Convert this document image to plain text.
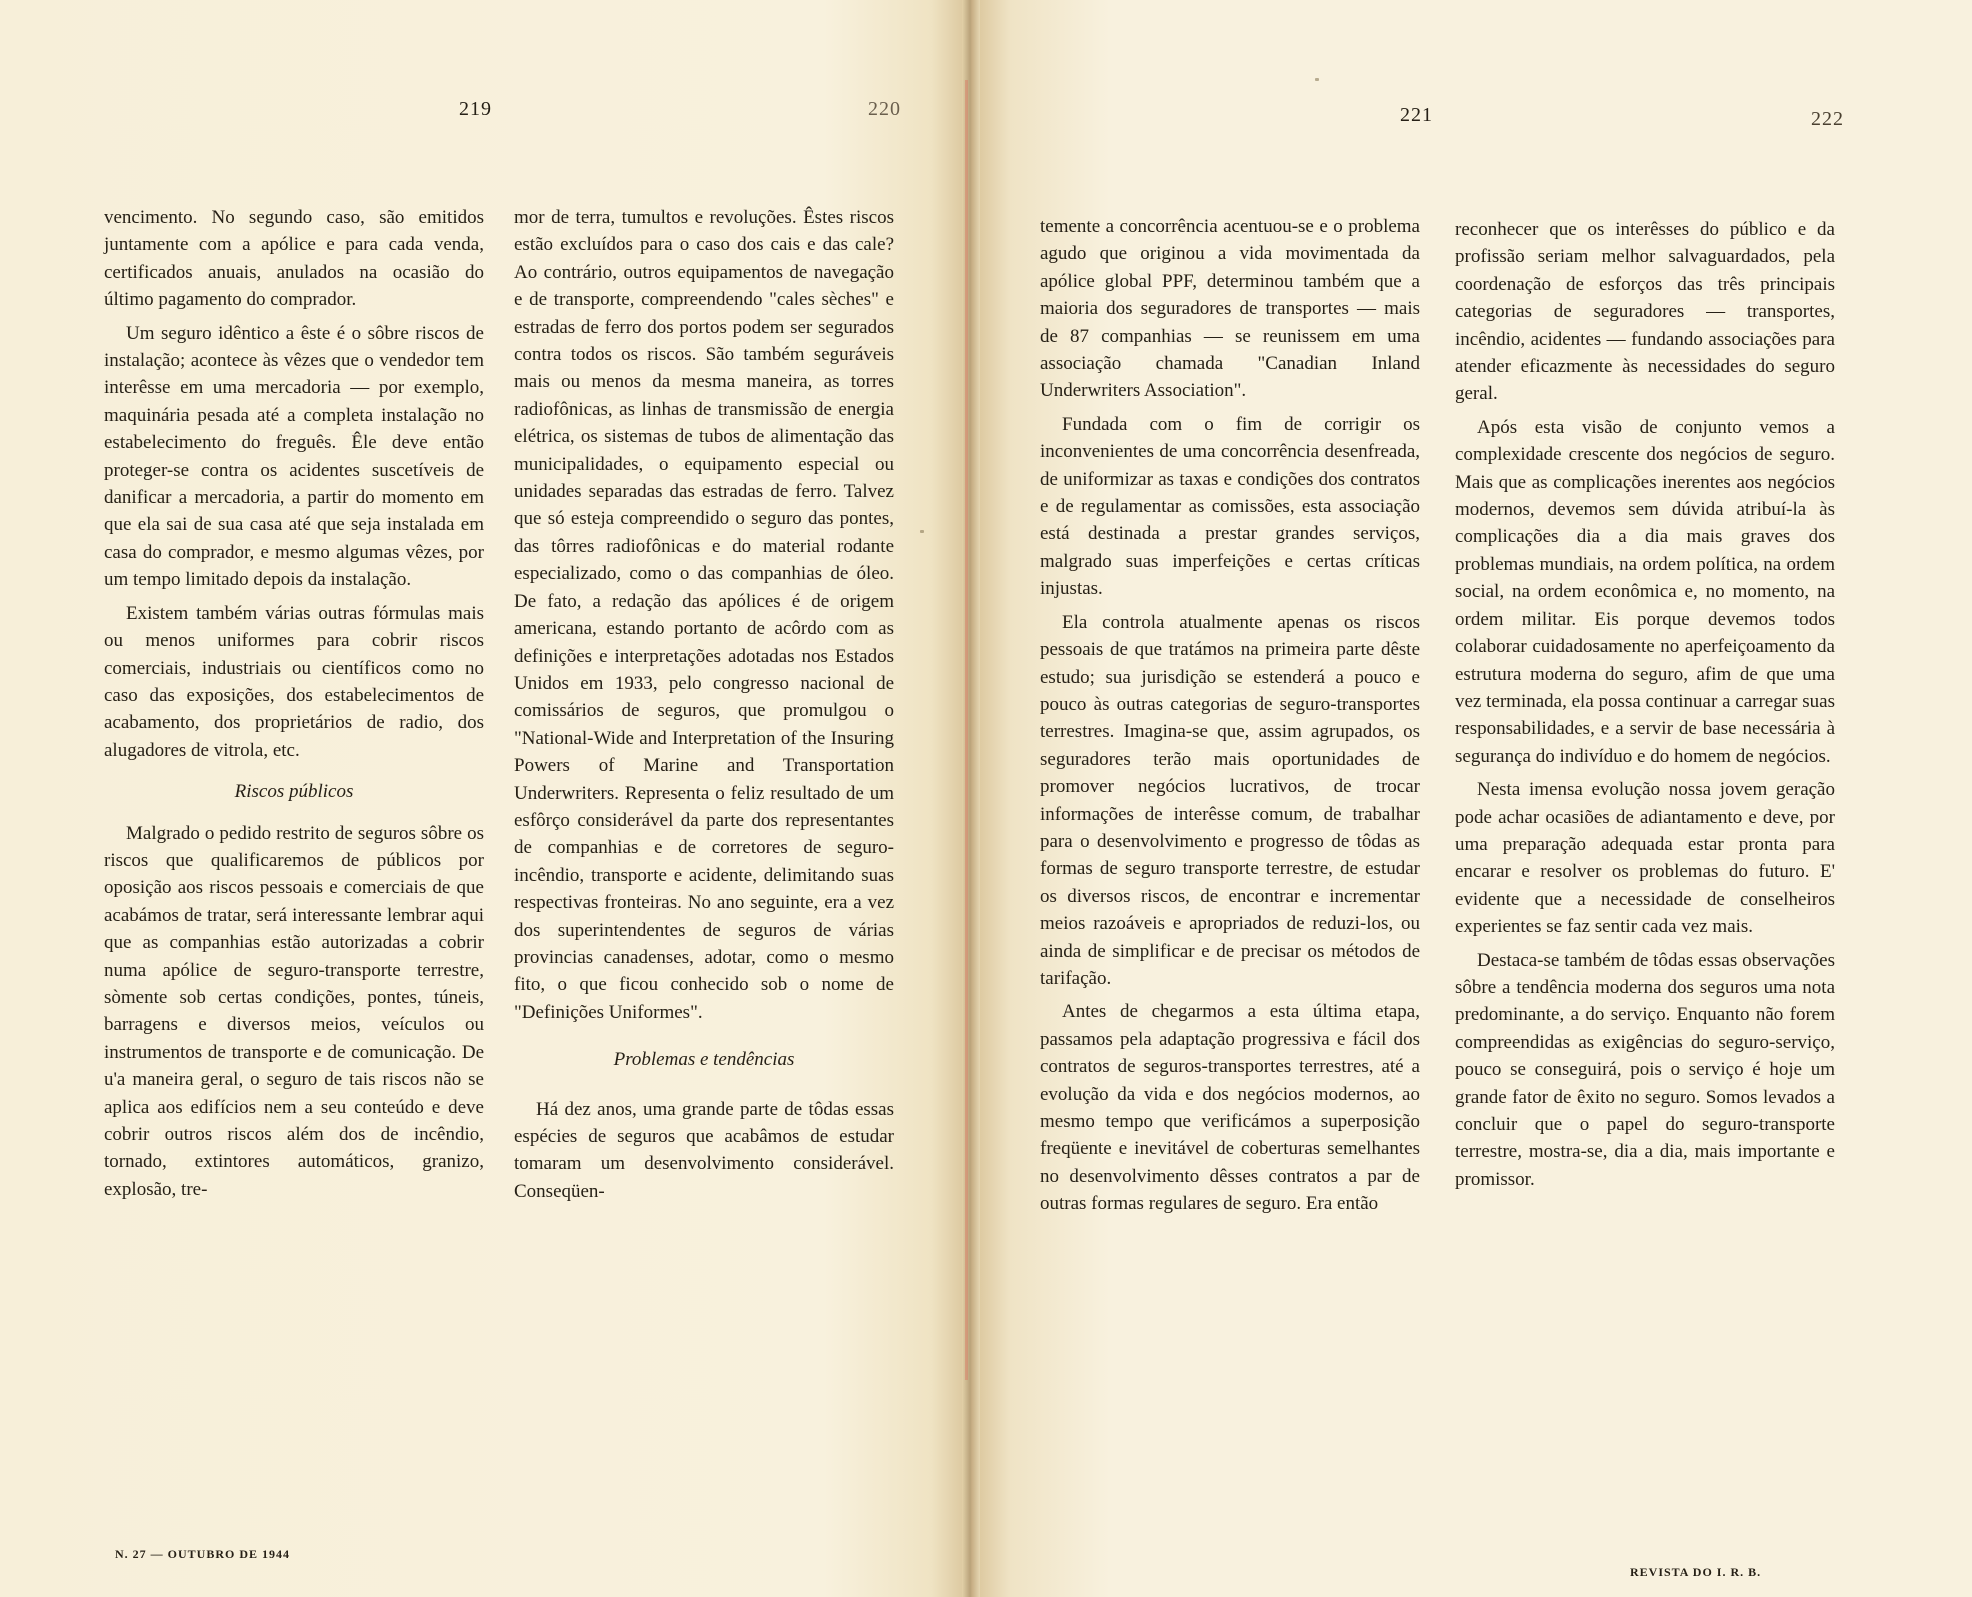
219	220	221	222

vencimento. No segundo caso, são emitidos juntamente com a apólice e para cada venda, certificados anuais, anulados na ocasião do último pagamento do comprador.

Um seguro idêntico a êste é o sôbre riscos de instalação; acontece às vêzes que o vendedor tem interêsse em uma mercadoria — por exemplo, maquinária pesada até a completa instalação no estabelecimento do freguês. Êle deve então proteger-se contra os acidentes suscetíveis de danificar a mercadoria, a partir do momento em que ela sai de sua casa até que seja instalada em casa do comprador, e mesmo algumas vêzes, por um tempo limitado depois da instalação.

Existem também várias outras fórmulas mais ou menos uniformes para cobrir riscos comerciais, industriais ou científicos como no caso das exposições, dos estabelecimentos de acabamento, dos proprietários de radio, dos alugadores de vitrola, etc.

Riscos públicos

Malgrado o pedido restrito de seguros sôbre os riscos que qualificaremos de públicos por oposição aos riscos pessoais e comerciais de que acabámos de tratar, será interessante lembrar aqui que as companhias estão autorizadas a cobrir numa apólice de seguro-transporte terrestre, sòmente sob certas condições, pontes, túneis, barragens e diversos meios, veículos ou instrumentos de transporte e de comunicação. De u'a maneira geral, o seguro de tais riscos não se aplica aos edifícios nem a seu conteúdo e deve cobrir outros riscos além dos de incêndio, tornado, extintores automáticos, granizo, explosão, tre-

mor de terra, tumultos e revoluções. Êstes riscos estão excluídos para o caso dos cais e das cale? Ao contrário, outros equipamentos de navegação e de transporte, compreendendo "cales sèches" e estradas de ferro dos portos podem ser segurados contra todos os riscos. São também seguráveis mais ou menos da mesma maneira, as torres radiofônicas, as linhas de transmissão de energia elétrica, os sistemas de tubos de alimentação das municipalidades, o equipamento especial ou unidades separadas das estradas de ferro. Talvez que só esteja compreendido o seguro das pontes, das tôrres radiofônicas e do material rodante especializado, como o das companhias de óleo. De fato, a redação das apólices é de origem americana, estando portanto de acôrdo com as definições e interpretações adotadas nos Estados Unidos em 1933, pelo congresso nacional de comissários de seguros, que promulgou o "National-Wide and Interpretation of the Insuring Powers of Marine and Transportation Underwriters. Representa o feliz resultado de um esfôrço considerável da parte dos representantes de companhias e de corretores de seguro-incêndio, transporte e acidente, delimitando suas respectivas fronteiras. No ano seguinte, era a vez dos superintendentes de seguros de várias provincias canadenses, adotar, como o mesmo fito, o que ficou conhecido sob o nome de "Definições Uniformes".

Problemas e tendências

Há dez anos, uma grande parte de tôdas essas espécies de seguros que acabâmos de estudar tomaram um desenvolvimento considerável. Conseqüen-

temente a concorrência acentuou-se e o problema agudo que originou a vida movimentada da apólice global PPF, determinou também que a maioria dos seguradores de transportes — mais de 87 companhias — se reunissem em uma associação chamada "Canadian Inland Underwriters Association".

Fundada com o fim de corrigir os inconvenientes de uma concorrência desenfreada, de uniformizar as taxas e condições dos contratos e de regulamentar as comissões, esta associação está destinada a prestar grandes serviços, malgrado suas imperfeições e certas críticas injustas.

Ela controla atualmente apenas os riscos pessoais de que tratámos na primeira parte dêste estudo; sua jurisdição se estenderá a pouco e pouco às outras categorias de seguro-transportes terrestres. Imagina-se que, assim agrupados, os seguradores terão mais oportunidades de promover negócios lucrativos, de trocar informações de interêsse comum, de trabalhar para o desenvolvimento e progresso de tôdas as formas de seguro transporte terrestre, de estudar os diversos riscos, de encontrar e incrementar meios razoáveis e apropriados de reduzi-los, ou ainda de simplificar e de precisar os métodos de tarifação.

Antes de chegarmos a esta última etapa, passamos pela adaptação progressiva e fácil dos contratos de seguros-transportes terrestres, até a evolução da vida e dos negócios modernos, ao mesmo tempo que verificámos a superposição freqüente e inevitável de coberturas semelhantes no desenvolvimento dêsses contratos a par de outras formas regulares de seguro. Era então

reconhecer que os interêsses do público e da profissão seriam melhor salvaguardados, pela coordenação de esforços das três principais categorias de seguradores — transportes, incêndio, acidentes — fundando associações para atender eficazmente às necessidades do seguro geral.

Após esta visão de conjunto vemos a complexidade crescente dos negócios de seguro. Mais que as complicações inerentes aos negócios modernos, devemos sem dúvida atribuí-la às complicações dia a dia mais graves dos problemas mundiais, na ordem política, na ordem social, na ordem econômica e, no momento, na ordem militar. Eis porque devemos todos colaborar cuidadosamente no aperfeiçoamento da estrutura moderna do seguro, afim de que uma vez terminada, ela possa continuar a carregar suas responsabilidades, e a servir de base necessária à segurança do indivíduo e do homem de negócios.

Nesta imensa evolução nossa jovem geração pode achar ocasiões de adiantamento e deve, por uma preparação adequada estar pronta para encarar e resolver os problemas do futuro. E' evidente que a necessidade de conselheiros experientes se faz sentir cada vez mais.

Destaca-se também de tôdas essas observações sôbre a tendência moderna dos seguros uma nota predominante, a do serviço. Enquanto não forem compreendidas as exigências do seguro-serviço, pouco se conseguirá, pois o serviço é hoje um grande fator de êxito no seguro. Somos levados a concluir que o papel do seguro-transporte terrestre, mostra-se, dia a dia, mais importante e promissor.

N. 27 — OUTUBRO DE 1944
REVISTA DO I. R. B.
